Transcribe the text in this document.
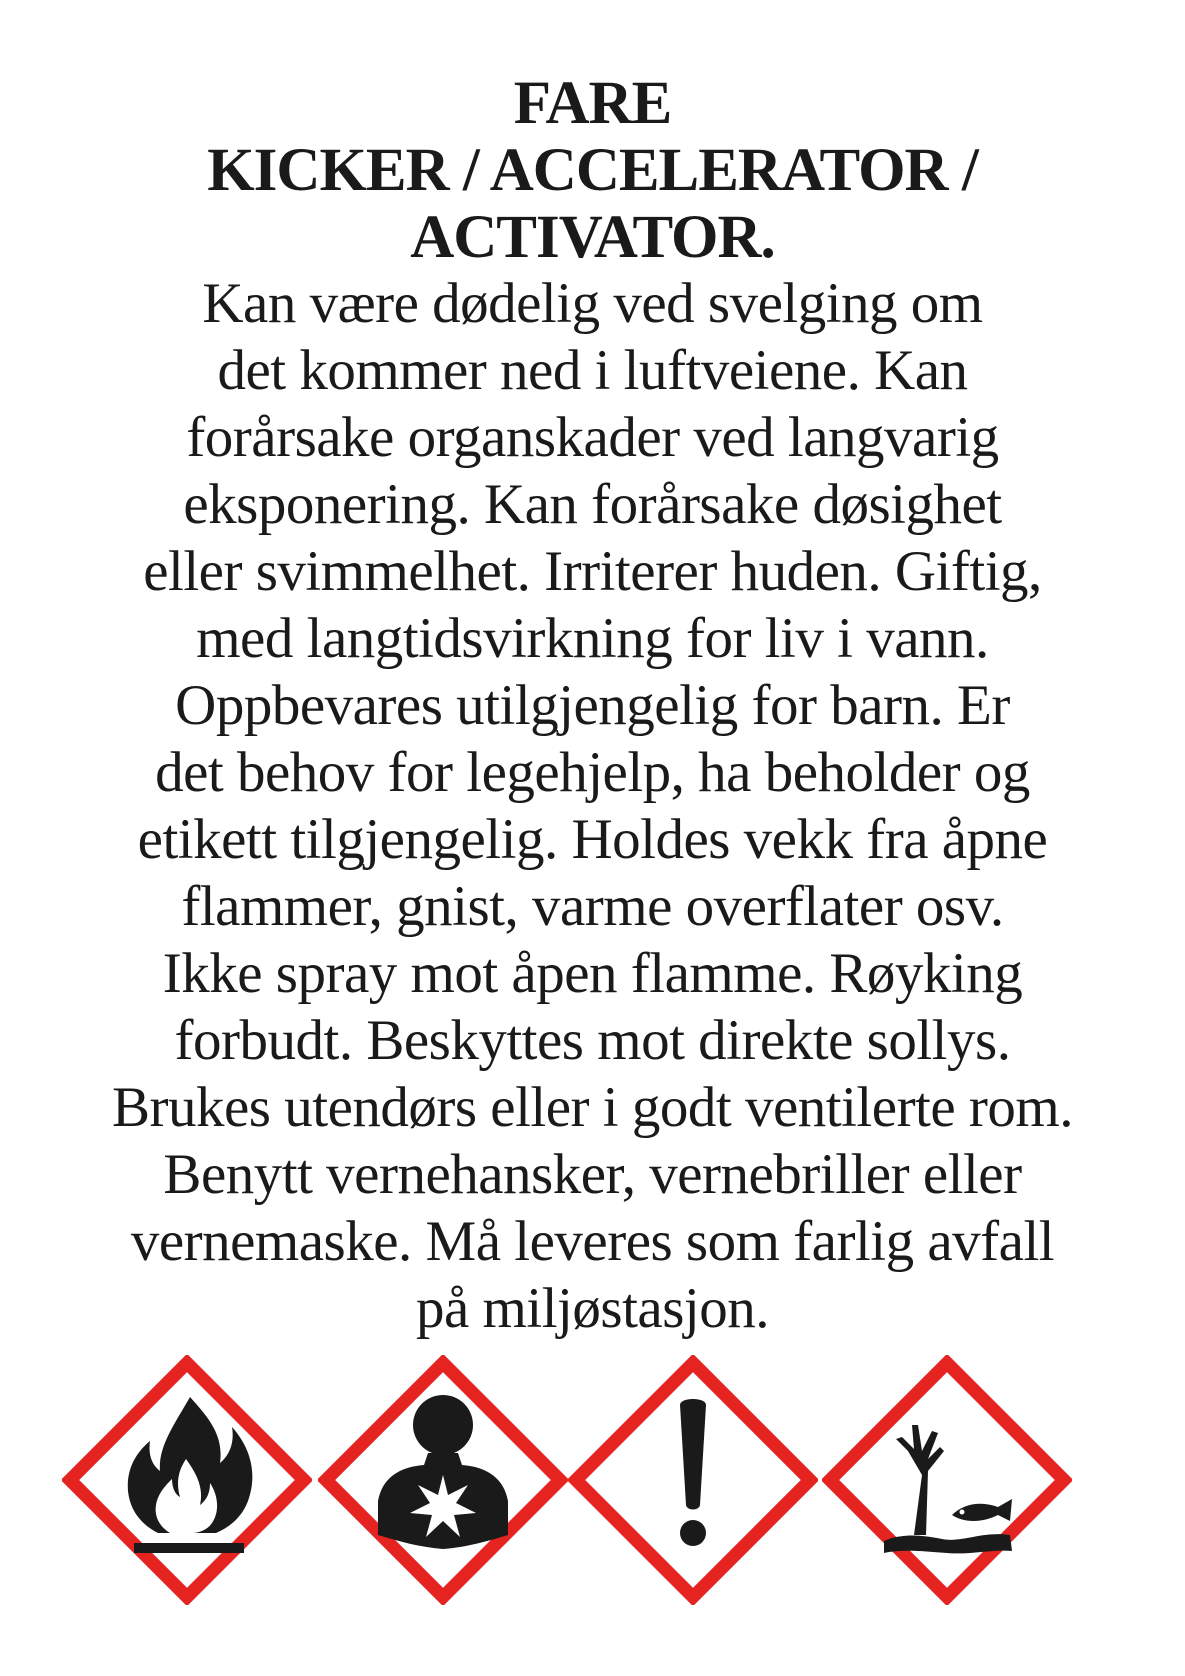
FARE
KICKER / ACCELERATOR /
ACTIVATOR.
Kan være dødelig ved svelging om
det kommer ned i luftveiene. Kan
forårsake organskader ved langvarig
eksponering. Kan forårsake døsighet
eller svimmelhet. Irriterer huden. Giftig,
med langtidsvirkning for liv i vann.
Oppbevares utilgjengelig for barn. Er
det behov for legehjelp, ha beholder og
etikett tilgjengelig. Holdes vekk fra åpne
flammer, gnist, varme overflater osv.
Ikke spray mot åpen flamme. Røyking
forbudt. Beskyttes mot direkte sollys.
Brukes utendørs eller i godt ventilerte rom.
Benytt vernehansker, vernebriller eller
vernemaske. Må leveres som farlig avfall
på miljøstasjon.
